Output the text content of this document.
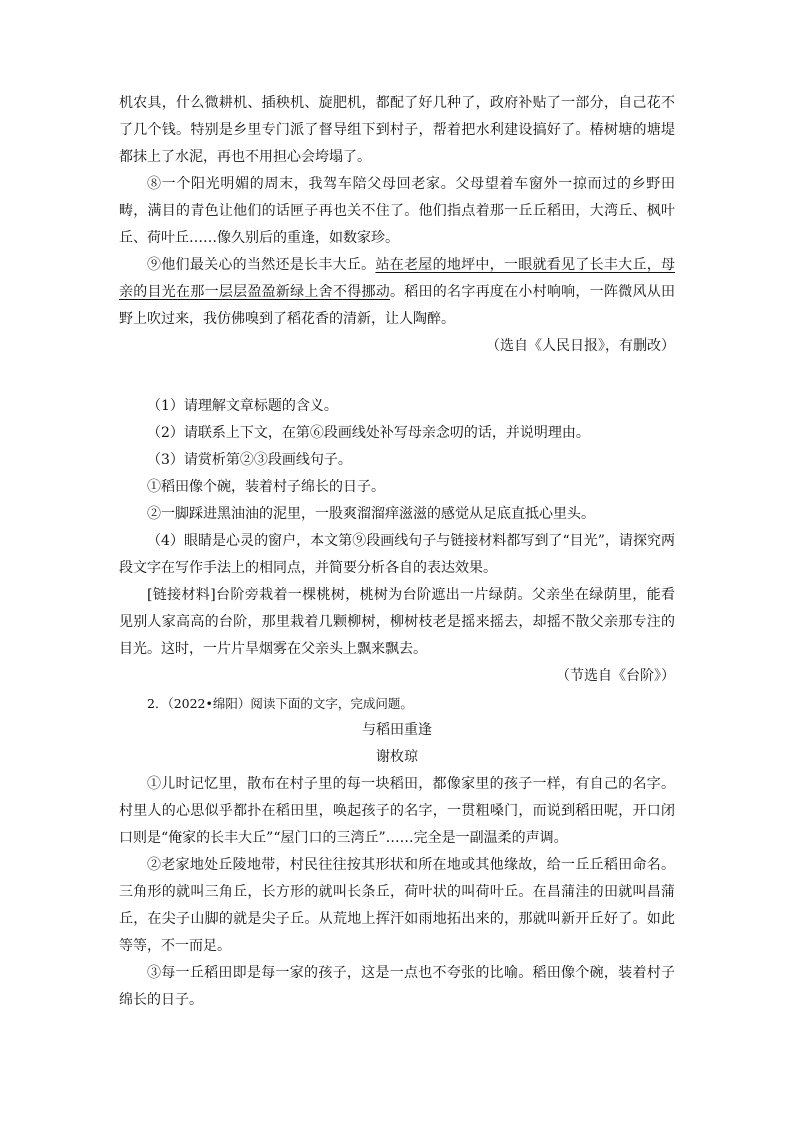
机农具，什么微耕机、插秧机、旋肥机，都配了好几种了，政府补贴了一部分，自己花不了几个钱。特别是乡里专门派了督导组下到村子，帮着把水利建设搞好了。椿树塘的塘堤都抹上了水泥，再也不用担心会垮塌了。

⑧一个阳光明媚的周末，我驾车陪父母回老家。父母望着车窗外一掠而过的乡野田畴，满目的青色让他们的话匣子再也关不住了。他们指点着那一丘丘稻田，大湾丘、枫叶丘、荷叶丘……像久别后的重逢，如数家珍。

⑨他们最关心的当然还是长丰大丘。站在老屋的地坪中，一眼就看见了长丰大丘，母亲的目光在那一层层盈盈新绿上舍不得挪动。稻田的名字再度在小村响响，一阵微风从田野上吹过来，我仿佛嗅到了稻花香的清新，让人陶醉。

（选自《人民日报》，有删改）

（1）请理解文章标题的含义。

（2）请联系上下文，在第⑥段画线处补写母亲念叨的话，并说明理由。

（3）请赏析第②③段画线句子。

①稻田像个碗，装着村子绵长的日子。

②一脚踩进黑油油的泥里，一股爽溜溜痒滋滋的感觉从足底直抵心里头。

（4）眼睛是心灵的窗户，本文第⑨段画线句子与链接材料都写到了“目光”，请探究两段文字在写作手法上的相同点，并简要分析各自的表达效果。

[链接材料]台阶旁栽着一棵桃树，桃树为台阶遮出一片绿荫。父亲坐在绿荫里，能看见别人家高高的台阶，那里栽着几颗柳树，柳树枝老是摇来摇去，却摇不散父亲那专注的目光。这时，一片片旱烟雾在父亲头上飘来飘去。

（节选自《台阶》）

2．（2022•绵阳）阅读下面的文字，完成问题。

与稻田重逢

谢枚琼

①儿时记忆里，散布在村子里的每一块稻田，都像家里的孩子一样，有自己的名字。村里人的心思似乎都扑在稻田里，唤起孩子的名字，一贯粗嗓门，而说到稻田呢，开口闭口则是“俺家的长丰大丘”“屋门口的三湾丘”……完全是一副温柔的声调。

②老家地处丘陵地带，村民往往按其形状和所在地或其他缘故，给一丘丘稻田命名。三角形的就叫三角丘，长方形的就叫长条丘，荷叶状的叫荷叶丘。在昌蒲洼的田就叫昌蒲丘，在尖子山脚的就是尖子丘。从荒地上挥汗如雨地拓出来的，那就叫新开丘好了。如此等等，不一而足。

③每一丘稻田即是每一家的孩子，这是一点也不夸张的比喻。稻田像个碗，装着村子绵长的日子。
